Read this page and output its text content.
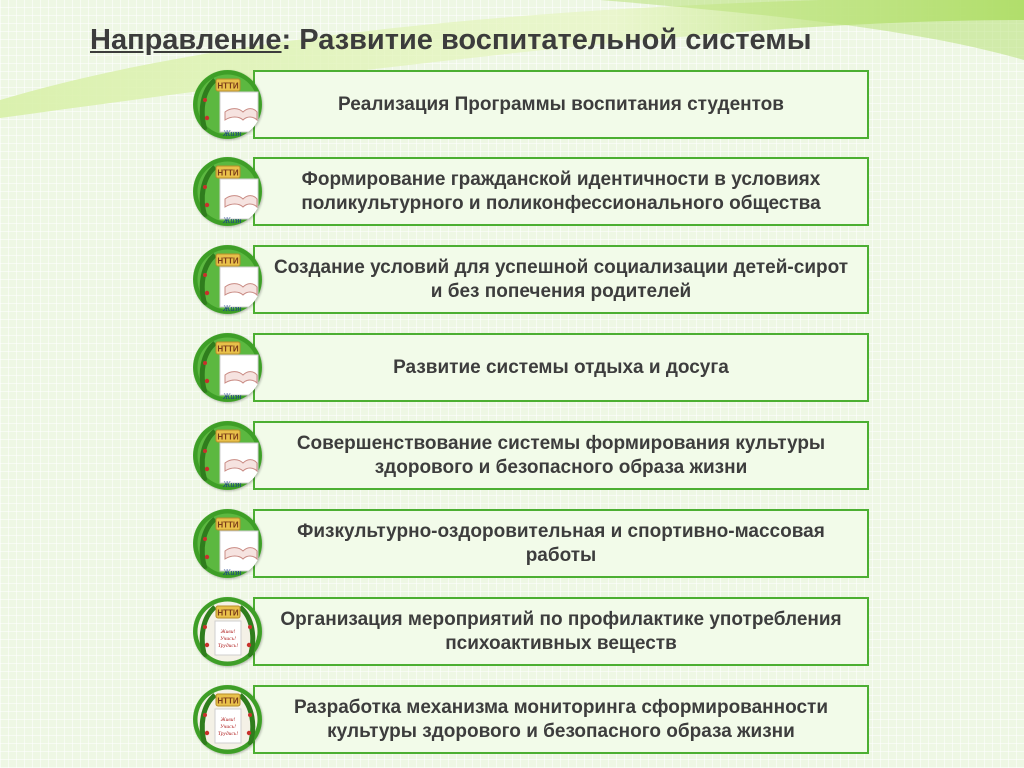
Направление: Развитие воспитательной системы
Реализация Программы воспитания студентов
НТТИ
Жизн
Формирование гражданской идентичности в условиях поликультурного и поликонфессионального общества
НТТИ
Жизн
Создание условий для успешной социализации детей-сирот и без попечения родителей
НТТИ
Жизн
Развитие системы отдыха и досуга
НТТИ
Жизн
Совершенствование системы формирования культуры здорового и безопасного образа жизни
НТТИ
Жизн
Физкультурно-оздоровительная и спортивно-массовая работы
НТТИ
Жизн
Организация мероприятий по профилактике употребления психоактивных веществ
НТТИ
Живи!
Учись!
Трудись!
Разработка механизма мониторинга сформированности культуры здорового и безопасного образа жизни
НТТИ
Живи!
Учись!
Трудись!
